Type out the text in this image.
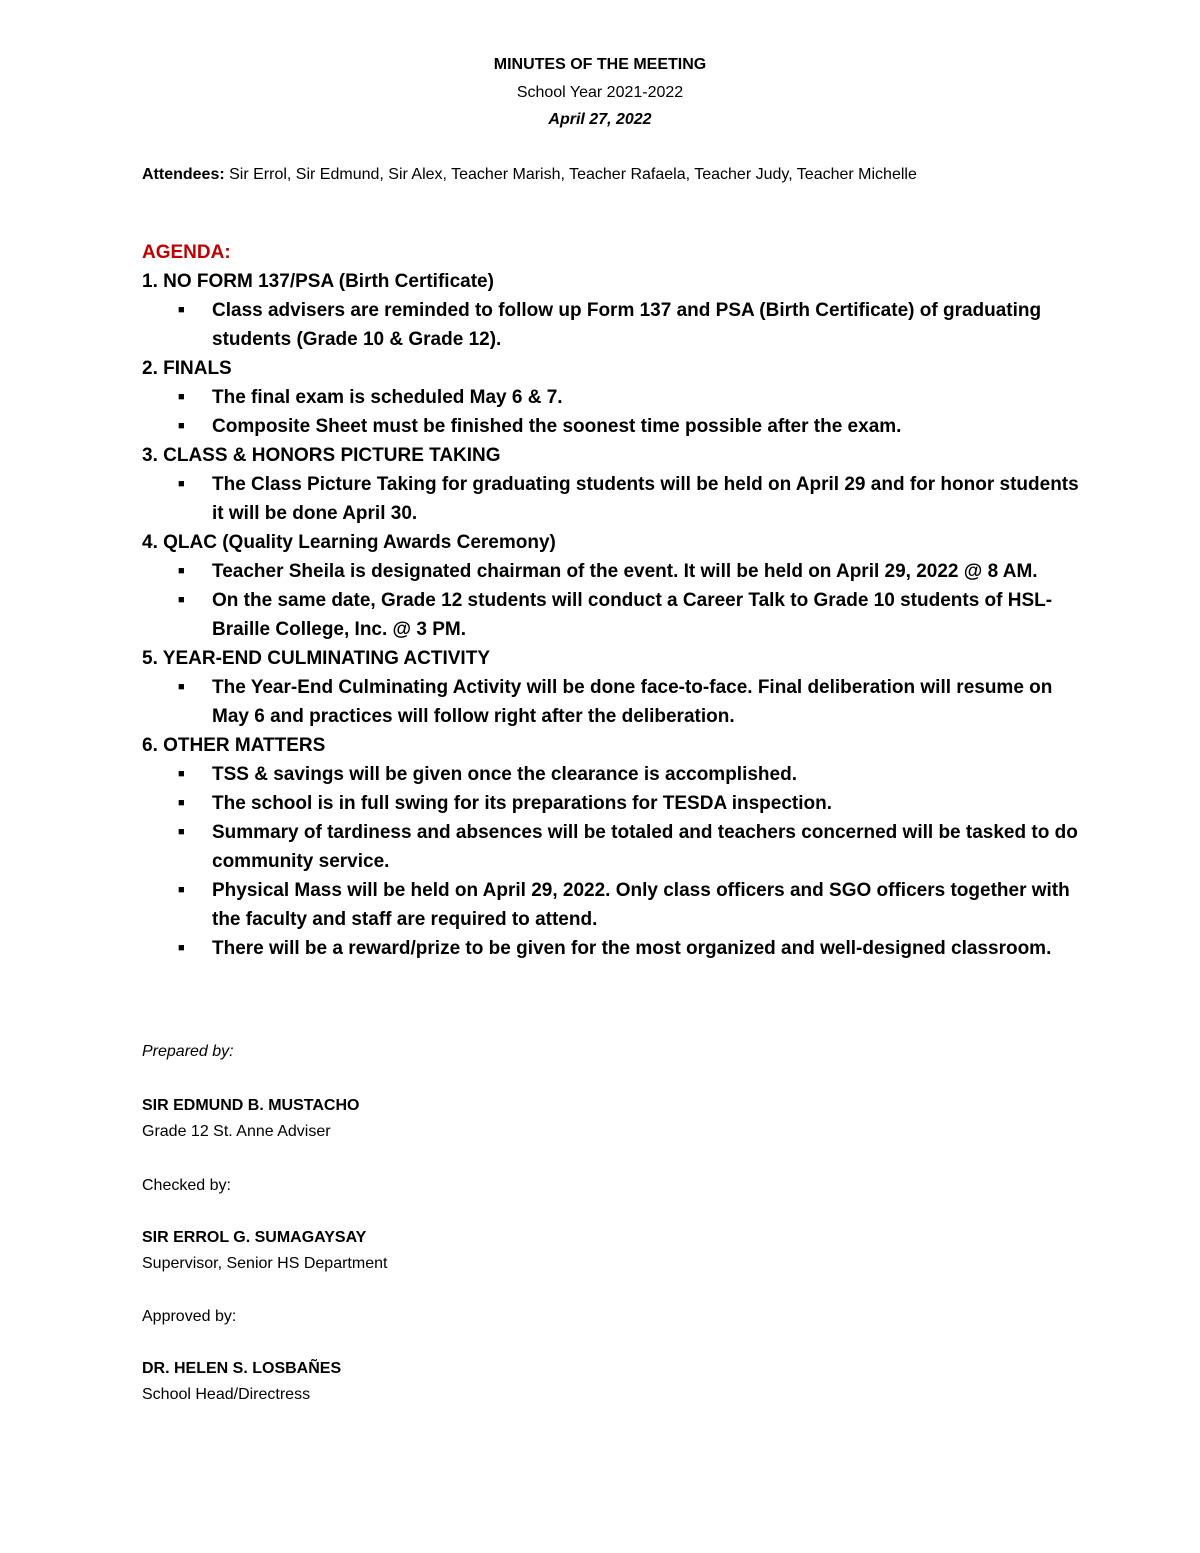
MINUTES OF THE MEETING
School Year 2021-2022
April 27, 2022
Attendees: Sir Errol, Sir Edmund, Sir Alex, Teacher Marish, Teacher Rafaela, Teacher Judy, Teacher Michelle
AGENDA:
1. NO FORM 137/PSA (Birth Certificate)
■	Class advisers are reminded to follow up Form 137 and PSA (Birth Certificate) of graduating students (Grade 10 & Grade 12).
2. FINALS
■	The final exam is scheduled May 6 & 7.
■	Composite Sheet must be finished the soonest time possible after the exam.
3. CLASS & HONORS PICTURE TAKING
■	The Class Picture Taking for graduating students will be held on April 29 and for honor students it will be done April 30.
4. QLAC (Quality Learning Awards Ceremony)
■	Teacher Sheila is designated chairman of the event. It will be held on April 29, 2022 @ 8 AM.
■	On the same date, Grade 12 students will conduct a Career Talk to Grade 10 students of HSL-Braille College, Inc. @ 3 PM.
5. YEAR-END CULMINATING ACTIVITY
■	The Year-End Culminating Activity will be done face-to-face. Final deliberation will resume on May 6 and practices will follow right after the deliberation.
6. OTHER MATTERS
■	TSS & savings will be given once the clearance is accomplished.
■	The school is in full swing for its preparations for TESDA inspection.
■	Summary of tardiness and absences will be totaled and teachers concerned will be tasked to do community service.
■	Physical Mass will be held on April 29, 2022. Only class officers and SGO officers together with the faculty and staff are required to attend.
■	There will be a reward/prize to be given for the most organized and well-designed classroom.
Prepared by:
SIR EDMUND B. MUSTACHO
Grade 12 St. Anne Adviser
Checked by:
SIR ERROL G. SUMAGAYSAY
Supervisor, Senior HS Department
Approved by:
DR. HELEN S. LOSBAÑES
School Head/Directress
